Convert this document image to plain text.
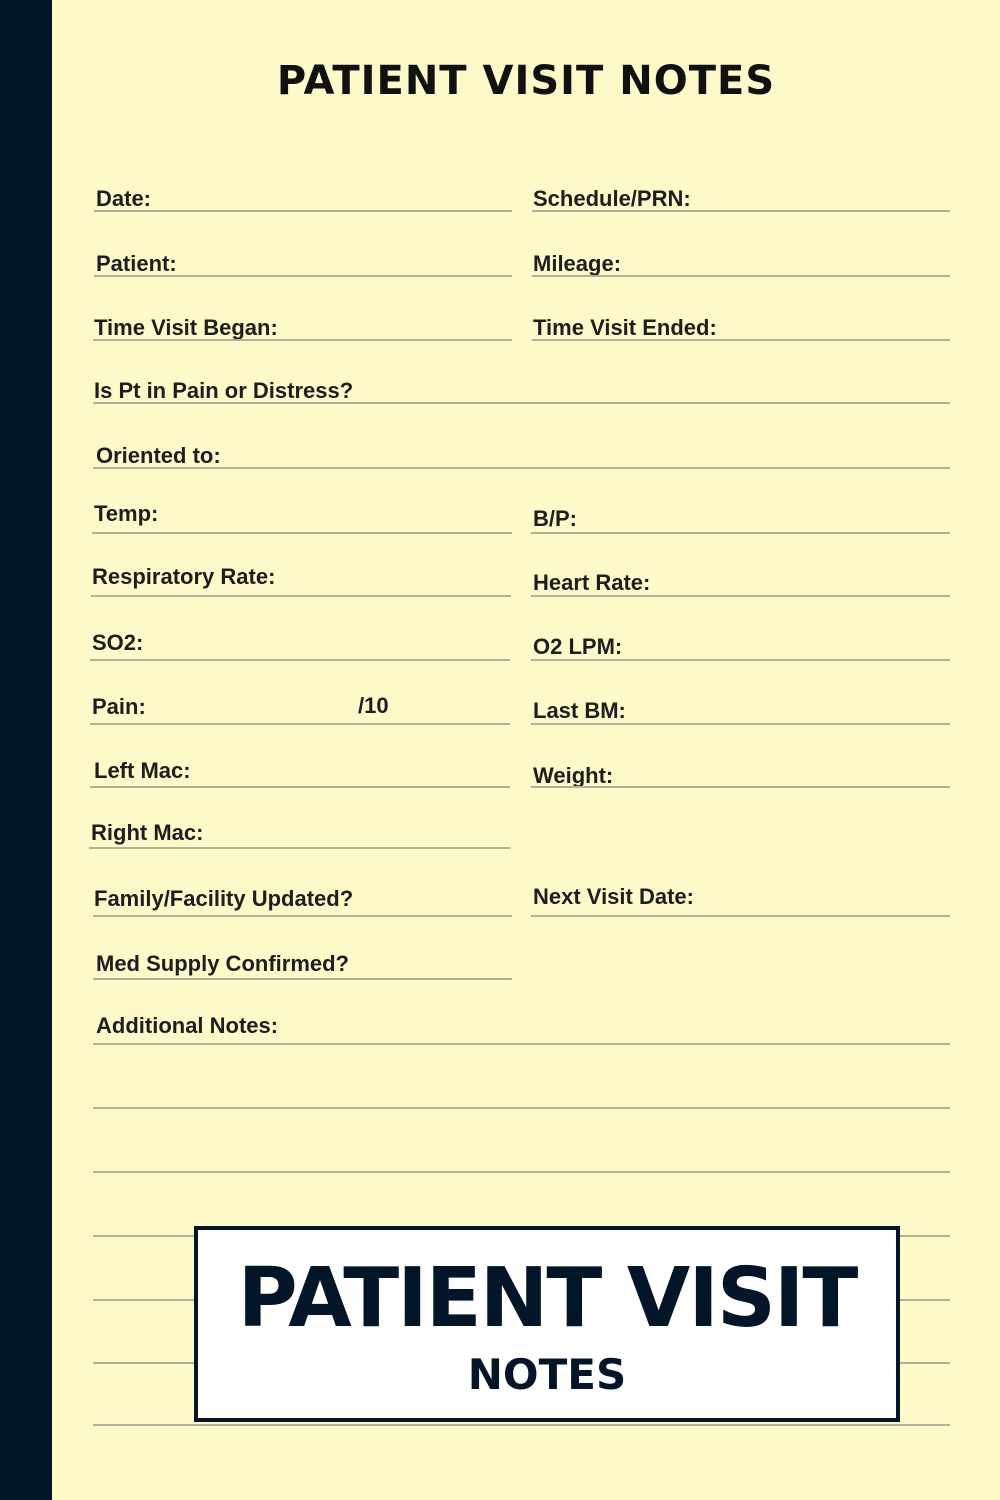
PATIENT VISIT NOTES
Date:	Schedule/PRN:
Patient:	Mileage:
Time Visit Began:	Time Visit Ended:
Is Pt in Pain or Distress?
Oriented to:
Temp:	B/P:
Respiratory Rate:	Heart Rate:
SO2:	O2 LPM:
Pain:	/10	Last BM:
Left Mac:	Weight:
Right Mac:
Family/Facility Updated?	Next Visit Date:
Med Supply Confirmed?
Additional Notes:
PATIENT VISIT
NOTES
